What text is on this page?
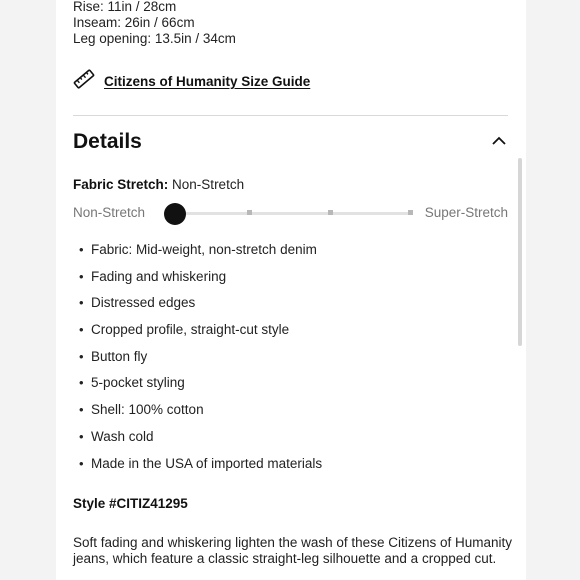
Rise: 11in / 28cm
Inseam: 26in / 66cm
Leg opening: 13.5in / 34cm
Citizens of Humanity Size Guide
Details
Fabric Stretch: Non-Stretch
Non-Stretch	Super-Stretch
• Fabric: Mid-weight, non-stretch denim
• Fading and whiskering
• Distressed edges
• Cropped profile, straight-cut style
• Button fly
• 5-pocket styling
• Shell: 100% cotton
• Wash cold
• Made in the USA of imported materials
Style #CITIZ41295
Soft fading and whiskering lighten the wash of these Citizens of Humanity
jeans, which feature a classic straight-leg silhouette and a cropped cut.
